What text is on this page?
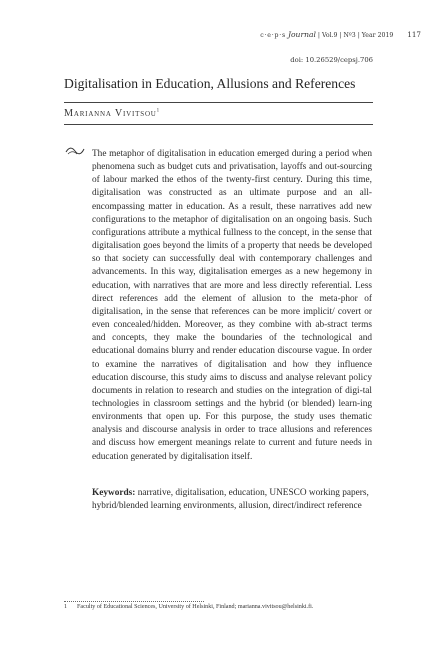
c·e·p·s Journal | Vol.9 | Nº3 | Year 2019 117
doi: 10.26529/cepsj.706
Digitalisation in Education, Allusions and References
Marianna Vivitsou$^1$

The metaphor of digitalisation in education emerged during a period when phenomena such as budget cuts and privatisation, layoffs and out-sourcing of labour marked the ethos of the twenty-first century. During this time, digitalisation was constructed as an ultimate purpose and an all-encompassing matter in education. As a result, these narratives add new configurations to the metaphor of digitalisation on an ongoing basis. Such configurations attribute a mythical fullness to the concept, in the sense that digitalisation goes beyond the limits of a property that needs be developed so that society can successfully deal with contemporary challenges and advancements. In this way, digitalisation emerges as a new hegemony in education, with narratives that are more and less directly referential. Less direct references add the element of allusion to the meta-phor of digitalisation, in the sense that references can be more implicit/ covert or even concealed/hidden. Moreover, as they combine with ab-stract terms and concepts, they make the boundaries of the technological and educational domains blurry and render education discourse vague. In order to examine the narratives of digitalisation and how they influence education discourse, this study aims to discuss and analyse relevant policy documents in relation to research and studies on the integration of digi-tal technologies in classroom settings and the hybrid (or blended) learn-ing environments that open up. For this purpose, the study uses thematic analysis and discourse analysis in order to trace allusions and references and discuss how emergent meanings relate to current and future needs in education generated by digitalisation itself.

Keywords: narrative, digitalisation, education, UNESCO working papers, hybrid/blended learning environments, allusion, direct/indirect reference

1 Faculty of Educational Sciences, University of Helsinki, Finland; marianna.vivitsou@helsinki.fi.
